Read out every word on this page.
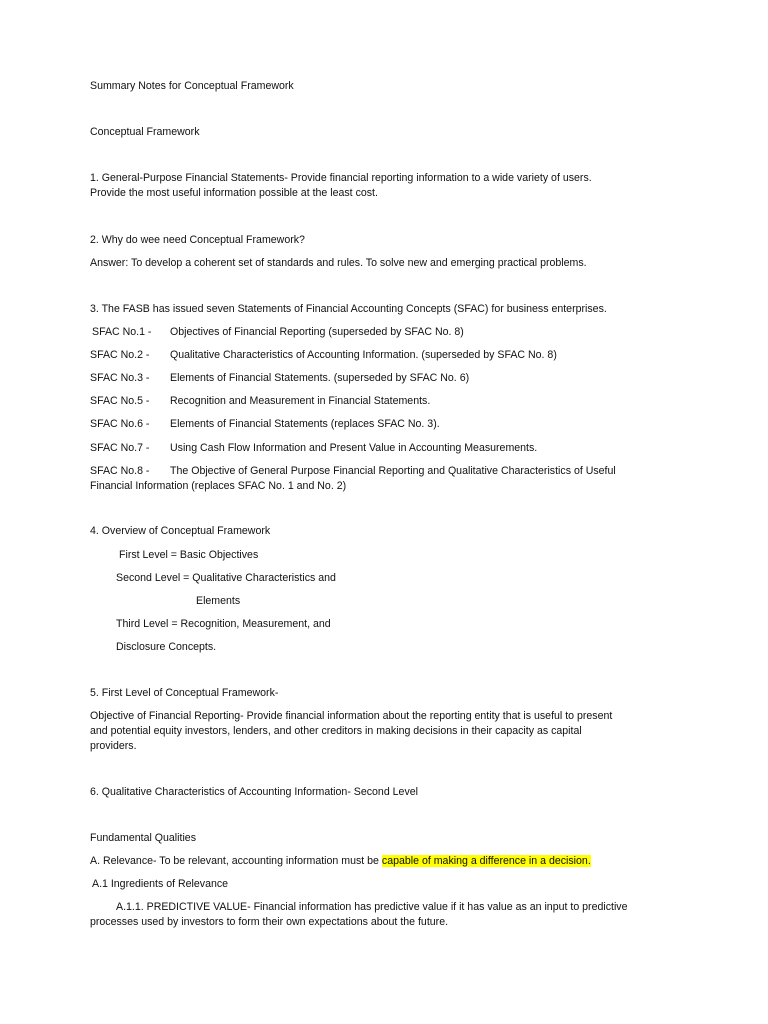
Summary Notes for Conceptual Framework
Conceptual Framework
1. General-Purpose Financial Statements- Provide financial reporting information to a wide variety of users.
Provide the most useful information possible at the least cost.
2. Why do wee need Conceptual Framework?
Answer: To develop a coherent set of standards and rules. To solve new and emerging practical problems.
3. The FASB has issued seven Statements of Financial Accounting Concepts (SFAC) for business enterprises.
SFAC No.1 - Objectives of Financial Reporting (superseded by SFAC No. 8)
SFAC No.2 - Qualitative Characteristics of Accounting Information. (superseded by SFAC No. 8)
SFAC No.3 - Elements of Financial Statements. (superseded by SFAC No. 6)
SFAC No.5 - Recognition and Measurement in Financial Statements.
SFAC No.6 - Elements of Financial Statements (replaces SFAC No. 3).
SFAC No.7 - Using Cash Flow Information and Present Value in Accounting Measurements.
SFAC No.8 - The Objective of General Purpose Financial Reporting and Qualitative Characteristics of Useful
Financial Information (replaces SFAC No. 1 and No. 2)
4. Overview of Conceptual Framework
First Level = Basic Objectives
Second Level = Qualitative Characteristics and
Elements
Third Level = Recognition, Measurement, and
Disclosure Concepts.
5. First Level of Conceptual Framework-
Objective of Financial Reporting- Provide financial information about the reporting entity that is useful to present
and potential equity investors, lenders, and other creditors in making decisions in their capacity as capital
providers.
6. Qualitative Characteristics of Accounting Information- Second Level
Fundamental Qualities
A. Relevance- To be relevant, accounting information must be capable of making a difference in a decision.
A.1 Ingredients of Relevance
A.1.1. PREDICTIVE VALUE- Financial information has predictive value if it has value as an input to predictive
processes used by investors to form their own expectations about the future.
